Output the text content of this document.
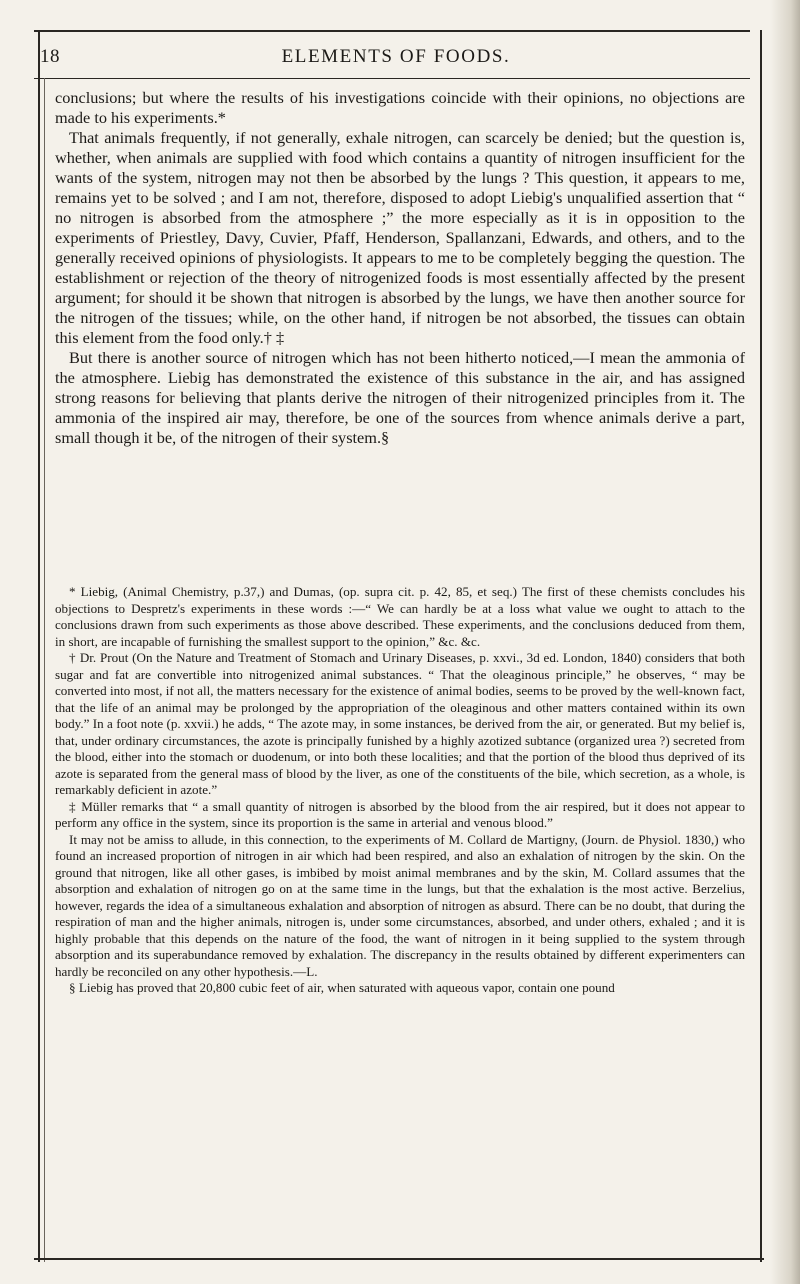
ELEMENTS OF FOODS.
18

conclusions; but where the results of his investigations coincide with their opinions, no objections are made to his experiments.*

That animals frequently, if not generally, exhale nitrogen, can scarcely be denied; but the question is, whether, when animals are supplied with food which contains a quantity of nitrogen insufficient for the wants of the system, nitrogen may not then be absorbed by the lungs ? This question, it appears to me, remains yet to be solved ; and I am not, therefore, disposed to adopt Liebig's unqualified assertion that “ no nitrogen is absorbed from the atmosphere ;” the more especially as it is in opposition to the experiments of Priestley, Davy, Cuvier, Pfaff, Henderson, Spallanzani, Edwards, and others, and to the generally received opinions of physiologists. It appears to me to be completely begging the question. The establishment or rejection of the theory of nitrogenized foods is most essentially affected by the present argument; for should it be shown that nitrogen is absorbed by the lungs, we have then another source for the nitrogen of the tissues; while, on the other hand, if nitrogen be not absorbed, the tissues can obtain this element from the food only.† ‡

But there is another source of nitrogen which has not been hitherto noticed,—I mean the ammonia of the atmosphere. Liebig has demonstrated the existence of this substance in the air, and has assigned strong reasons for believing that plants derive the nitrogen of their nitrogenized principles from it. The ammonia of the inspired air may, therefore, be one of the sources from whence animals derive a part, small though it be, of the nitrogen of their system.§

* Liebig, (Animal Chemistry, p.37,) and Dumas, (op. supra cit. p. 42, 85, et seq.) The first of these chemists concludes his objections to Despretz's experiments in these words :—“ We can hardly be at a loss what value we ought to attach to the conclusions drawn from such experiments as those above described. These experiments, and the conclusions deduced from them, in short, are incapable of furnishing the smallest support to the opinion,” &c. &c.

† Dr. Prout (On the Nature and Treatment of Stomach and Urinary Diseases, p. xxvi., 3d ed. London, 1840) considers that both sugar and fat are convertible into nitrogenized animal substances. “ That the oleaginous principle,” he observes, “ may be converted into most, if not all, the matters necessary for the existence of animal bodies, seems to be proved by the well-known fact, that the life of an animal may be prolonged by the appropriation of the oleaginous and other matters contained within its own body.” In a foot note (p. xxvii.) he adds, “ The azote may, in some instances, be derived from the air, or generated. But my belief is, that, under ordinary circumstances, the azote is principally funished by a highly azotized subtance (organized urea ?) secreted from the blood, either into the stomach or duodenum, or into both these localities; and that the portion of the blood thus deprived of its azote is separated from the general mass of blood by the liver, as one of the constituents of the bile, which secretion, as a whole, is remarkably deficient in azote.”

‡ Müller remarks that “ a small quantity of nitrogen is absorbed by the blood from the air respired, but it does not appear to perform any office in the system, since its proportion is the same in arterial and venous blood.”

It may not be amiss to allude, in this connection, to the experiments of M. Collard de Martigny, (Journ. de Physiol. 1830,) who found an increased proportion of nitrogen in air which had been respired, and also an exhalation of nitrogen by the skin. On the ground that nitrogen, like all other gases, is imbibed by moist animal membranes and by the skin, M. Collard assumes that the absorption and exhalation of nitrogen go on at the same time in the lungs, but that the exhalation is the most active. Berzelius, however, regards the idea of a simultaneous exhalation and absorption of nitrogen as absurd. There can be no doubt, that during the respiration of man and the higher animals, nitrogen is, under some circumstances, absorbed, and under others, exhaled ; and it is highly probable that this depends on the nature of the food, the want of nitrogen in it being supplied to the system through absorption and its superabundance removed by exhalation. The discrepancy in the results obtained by different experimenters can hardly be reconciled on any other hypothesis.—L.

§ Liebig has proved that 20,800 cubic feet of air, when saturated with aqueous vapor, contain one pound
